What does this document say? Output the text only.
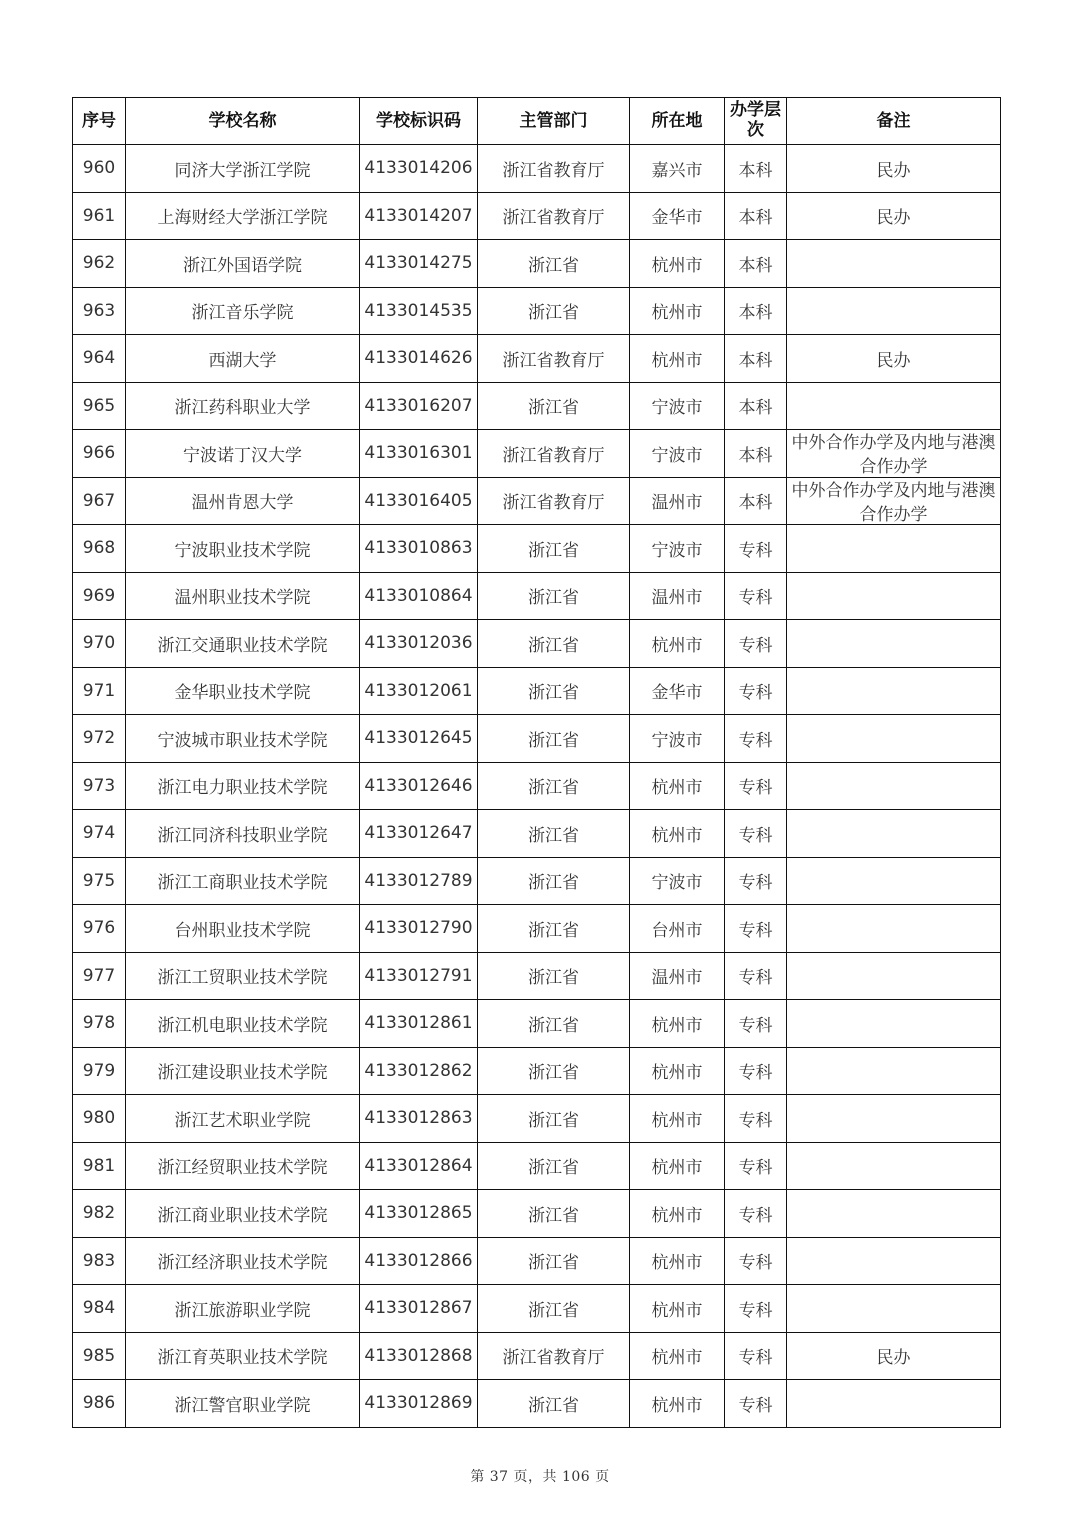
序号	学校名称	学校标识码	主管部门	所在地	办学层次	备注
960	同济大学浙江学院	4133014206	浙江省教育厅	嘉兴市	本科	民办
961	上海财经大学浙江学院	4133014207	浙江省教育厅	金华市	本科	民办
962	浙江外国语学院	4133014275	浙江省	杭州市	本科	
963	浙江音乐学院	4133014535	浙江省	杭州市	本科	
964	西湖大学	4133014626	浙江省教育厅	杭州市	本科	民办
965	浙江药科职业大学	4133016207	浙江省	宁波市	本科	
966	宁波诺丁汉大学	4133016301	浙江省教育厅	宁波市	本科	中外合作办学及内地与港澳合作办学

967	温州肯恩大学	4133016405	浙江省教育厅	温州市	本科	中外合作办学及内地与港澳合作办学

968	宁波职业技术学院	4133010863	浙江省	宁波市	专科	
969	温州职业技术学院	4133010864	浙江省	温州市	专科	
970	浙江交通职业技术学院	4133012036	浙江省	杭州市	专科	
971	金华职业技术学院	4133012061	浙江省	金华市	专科	
972	宁波城市职业技术学院	4133012645	浙江省	宁波市	专科	
973	浙江电力职业技术学院	4133012646	浙江省	杭州市	专科	
974	浙江同济科技职业学院	4133012647	浙江省	杭州市	专科	
975	浙江工商职业技术学院	4133012789	浙江省	宁波市	专科	
976	台州职业技术学院	4133012790	浙江省	台州市	专科	
977	浙江工贸职业技术学院	4133012791	浙江省	温州市	专科	
978	浙江机电职业技术学院	4133012861	浙江省	杭州市	专科	
979	浙江建设职业技术学院	4133012862	浙江省	杭州市	专科	
980	浙江艺术职业学院	4133012863	浙江省	杭州市	专科	
981	浙江经贸职业技术学院	4133012864	浙江省	杭州市	专科	
982	浙江商业职业技术学院	4133012865	浙江省	杭州市	专科	
983	浙江经济职业技术学院	4133012866	浙江省	杭州市	专科	
984	浙江旅游职业学院	4133012867	浙江省	杭州市	专科	
985	浙江育英职业技术学院	4133012868	浙江省教育厅	杭州市	专科	民办
986	浙江警官职业学院	4133012869	浙江省	杭州市	专科	
第 37 页，共 106 页
